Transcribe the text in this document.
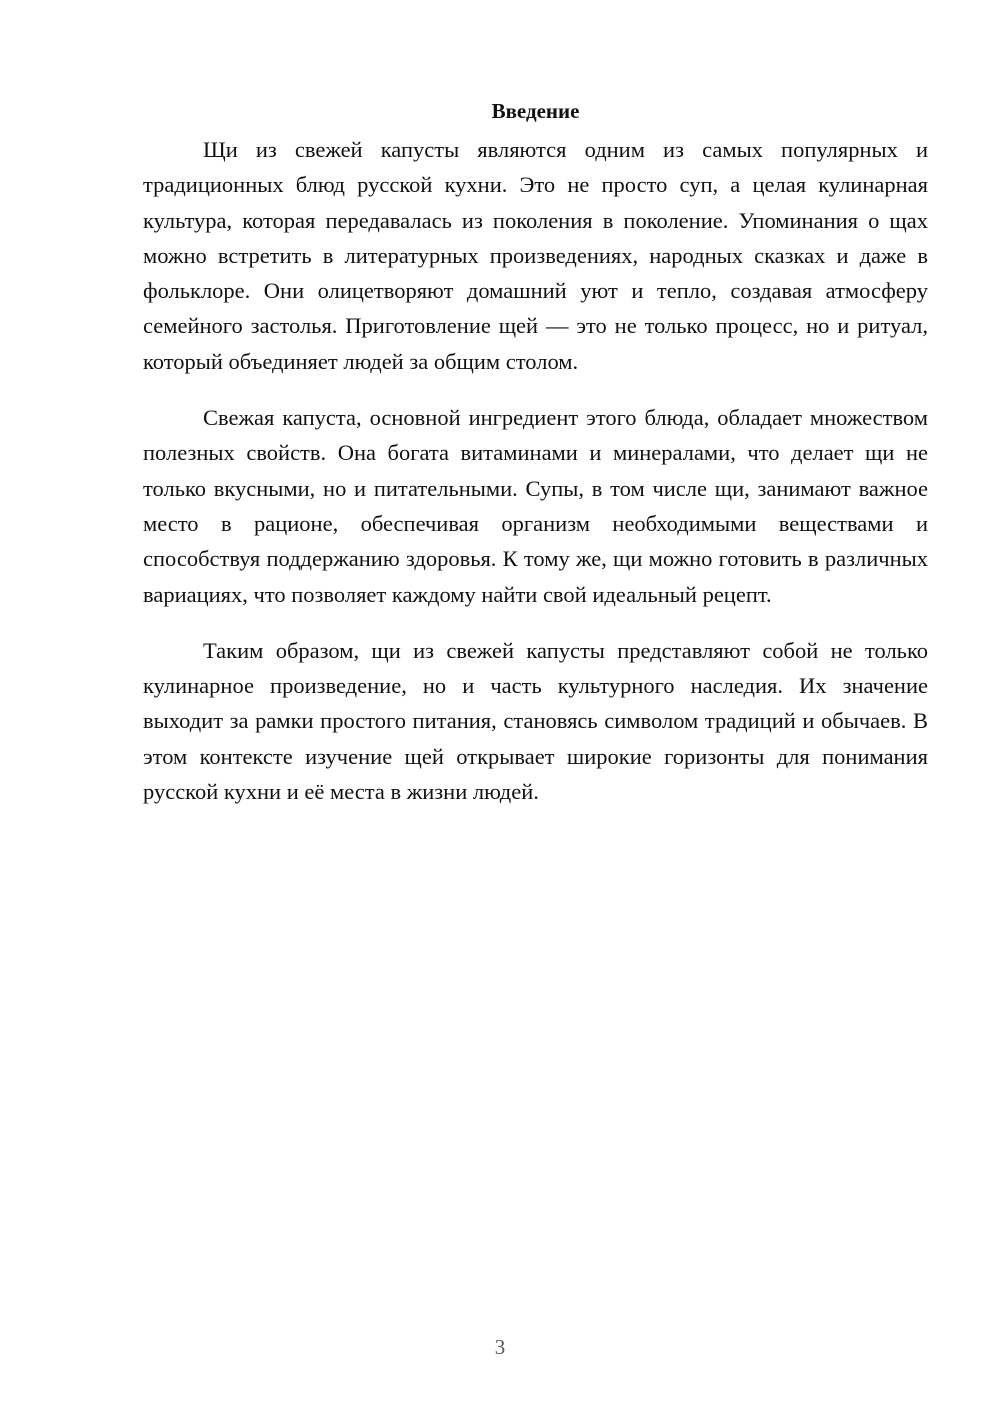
Введение

Щи из свежей капусты являются одним из самых популярных и традиционных блюд русской кухни. Это не просто суп, а целая кулинарная культура, которая передавалась из поколения в поколение. Упоминания о щах можно встретить в литературных произведениях, народных сказках и даже в фольклоре. Они олицетворяют домашний уют и тепло, создавая атмосферу семейного застолья. Приготовление щей — это не только процесс, но и ритуал, который объединяет людей за общим столом.

Свежая капуста, основной ингредиент этого блюда, обладает множеством полезных свойств. Она богата витаминами и минералами, что делает щи не только вкусными, но и питательными. Супы, в том числе щи, занимают важное место в рационе, обеспечивая организм необходимыми веществами и способствуя поддержанию здоровья. К тому же, щи можно готовить в различных вариациях, что позволяет каждому найти свой идеальный рецепт.

Таким образом, щи из свежей капусты представляют собой не только кулинарное произведение, но и часть культурного наследия. Их значение выходит за рамки простого питания, становясь символом традиций и обычаев. В этом контексте изучение щей открывает широкие горизонты для понимания русской кухни и её места в жизни людей.

3
